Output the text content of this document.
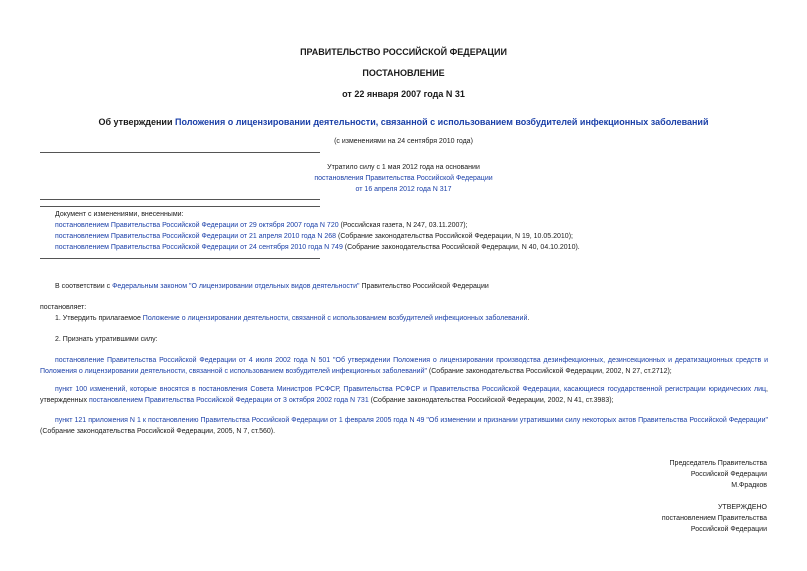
ПРАВИТЕЛЬСТВО РОССИЙСКОЙ ФЕДЕРАЦИИ
ПОСТАНОВЛЕНИЕ
от 22 января 2007 года N 31
Об утверждении Положения о лицензировании деятельности, связанной с использованием возбудителей инфекционных заболеваний
(с изменениями на 24 сентября 2010 года)
Утратило силу с 1 мая 2012 года на основании
постановления Правительства Российской Федерации
от 16 апреля 2012 года N 317
Документ с изменениями, внесенными:
постановлением Правительства Российской Федерации от 29 октября 2007 года N 720 (Российская газета, N 247, 03.11.2007);
постановлением Правительства Российской Федерации от 21 апреля 2010 года N 268 (Собрание законодательства Российской Федерации, N 19, 10.05.2010);
постановлением Правительства Российской Федерации от 24 сентября 2010 года N 749 (Собрание законодательства Российской Федерации, N 40, 04.10.2010).
В соответствии с Федеральным законом "О лицензировании отдельных видов деятельности" Правительство Российской Федерации
постановляет:
1. Утвердить прилагаемое Положение о лицензировании деятельности, связанной с использованием возбудителей инфекционных заболеваний.
2. Признать утратившими силу:
постановление Правительства Российской Федерации от 4 июля 2002 года N 501 "Об утверждении Положения о лицензировании производства дезинфекционных, дезинсекционных и дератизационных средств и Положения о лицензировании деятельности, связанной с использованием возбудителей инфекционных заболеваний" (Собрание законодательства Российской Федерации, 2002, N 27, ст.2712);
пункт 100 изменений, которые вносятся в постановления Совета Министров РСФСР, Правительства РСФСР и Правительства Российской Федерации, касающиеся государственной регистрации юридических лиц, утвержденных постановлением Правительства Российской Федерации от 3 октября 2002 года N 731 (Собрание законодательства Российской Федерации, 2002, N 41, ст.3983);
пункт 121 приложения N 1 к постановлению Правительства Российской Федерации от 1 февраля 2005 года N 49 "Об изменении и признании утратившими силу некоторых актов Правительства Российской Федерации" (Собрание законодательства Российской Федерации, 2005, N 7, ст.560).
Председатель Правительства
Российской Федерации
М.Фрадков
УТВЕРЖДЕНО
постановлением Правительства
Российской Федерации
